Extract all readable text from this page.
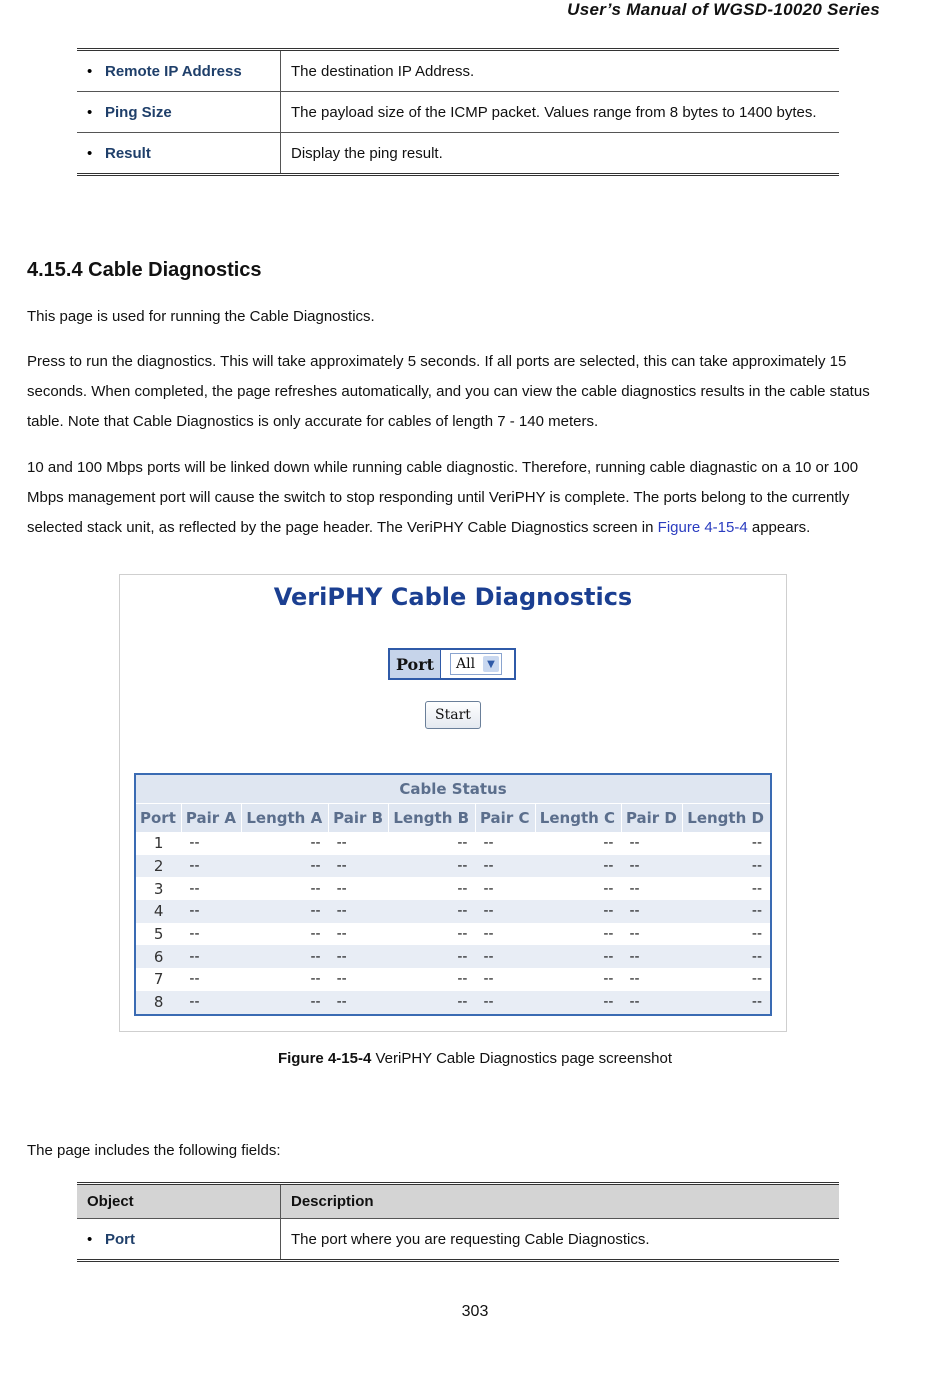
User’s Manual of WGSD-10020 Series
• Remote IP Address	The destination IP Address.
• Ping Size	The payload size of the ICMP packet. Values range from 8 bytes to 1400 bytes.
• Result	Display the ping result.
4.15.4 Cable Diagnostics
This page is used for running the Cable Diagnostics.
Press to run the diagnostics. This will take approximately 5 seconds. If all ports are selected, this can take approximately 15 seconds. When completed, the page refreshes automatically, and you can view the cable diagnostics results in the cable status table. Note that Cable Diagnostics is only accurate for cables of length 7 - 140 meters.
10 and 100 Mbps ports will be linked down while running cable diagnostic. Therefore, running cable diagnastic on a 10 or 100 Mbps management port will cause the switch to stop responding until VeriPHY is complete. The ports belong to the currently selected stack unit, as reflected by the page header. The VeriPHY Cable Diagnostics screen in Figure 4-15-4 appears.
VeriPHY Cable Diagnostics
Port	All	▼
Start
Cable Status								
Port	Pair A	Length A	Pair B	Length B	Pair C	Length C	Pair D	Length D
1	--	--	--	--	--	--	--	--
2	--	--	--	--	--	--	--	--
3	--	--	--	--	--	--	--	--
4	--	--	--	--	--	--	--	--
5	--	--	--	--	--	--	--	--
6	--	--	--	--	--	--	--	--
7	--	--	--	--	--	--	--	--
8	--	--	--	--	--	--	--	--
Figure 4-15-4 VeriPHY Cable Diagnostics page screenshot
The page includes the following fields:
Object	Description
• Port	The port where you are requesting Cable Diagnostics.
303
